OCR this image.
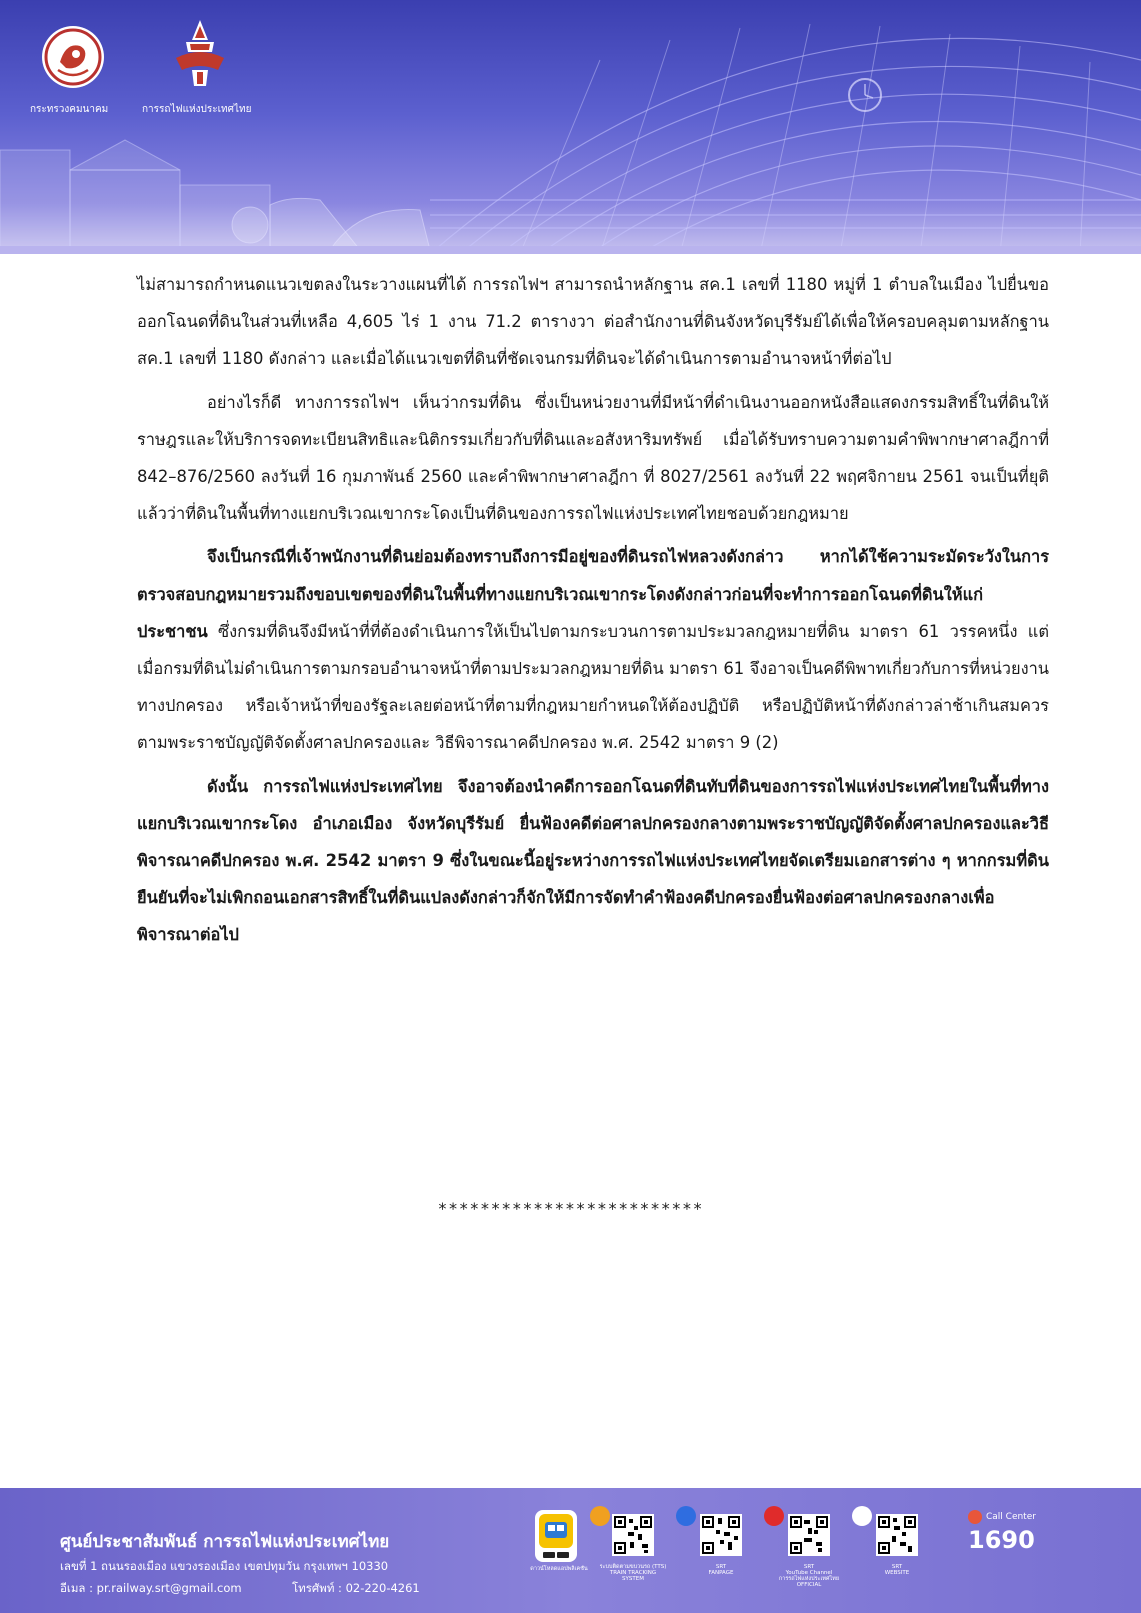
กระทรวงคมนาคม	การรถไฟแห่งประเทศไทย

ไม่สามารถกำหนดแนวเขตลงในระวางแผนที่ได้ การรถไฟฯ สามารถนำหลักฐาน สค.1 เลขที่ 1180 หมู่ที่ 1 ตำบลในเมือง ไปยื่นขอออกโฉนดที่ดินในส่วนที่เหลือ 4,605 ไร่ 1 งาน 71.2 ตารางวา ต่อสำนักงานที่ดินจังหวัดบุรีรัมย์ได้เพื่อให้ครอบคลุมตามหลักฐาน สค.1 เลขที่ 1180 ดังกล่าว และเมื่อได้แนวเขตที่ดินที่ชัดเจนกรมที่ดินจะได้ดำเนินการตามอำนาจหน้าที่ต่อไป

อย่างไรก็ดี ทางการรถไฟฯ เห็นว่ากรมที่ดิน ซึ่งเป็นหน่วยงานที่มีหน้าที่ดำเนินงานออกหนังสือแสดงกรรมสิทธิ์ในที่ดินให้ราษฎรและให้บริการจดทะเบียนสิทธิและนิติกรรมเกี่ยวกับที่ดินและอสังหาริมทรัพย์ เมื่อได้รับทราบความตามคำพิพากษาศาลฎีกาที่ 842–876/2560 ลงวันที่ 16 กุมภาพันธ์ 2560 และคำพิพากษาศาลฎีกา ที่ 8027/2561 ลงวันที่ 22 พฤศจิกายน 2561 จนเป็นที่ยุติแล้วว่าที่ดินในพื้นที่ทางแยกบริเวณเขากระโดงเป็นที่ดินของการรถไฟแห่งประเทศไทยชอบด้วยกฎหมาย

จึงเป็นกรณีที่เจ้าพนักงานที่ดินย่อมต้องทราบถึงการมีอยู่ของที่ดินรถไฟหลวงดังกล่าว หากได้ใช้ความระมัดระวังในการตรวจสอบกฎหมายรวมถึงขอบเขตของที่ดินในพื้นที่ทางแยกบริเวณเขากระโดงดังกล่าวก่อนที่จะทำการออกโฉนดที่ดินให้แก่ประชาชน ซึ่งกรมที่ดินจึงมีหน้าที่ที่ต้องดำเนินการให้เป็นไปตามกระบวนการตามประมวลกฎหมายที่ดิน มาตรา 61 วรรคหนึ่ง แต่เมื่อกรมที่ดินไม่ดำเนินการตามกรอบอำนาจหน้าที่ตามประมวลกฎหมายที่ดิน มาตรา 61 จึงอาจเป็นคดีพิพาทเกี่ยวกับการที่หน่วยงานทางปกครอง หรือเจ้าหน้าที่ของรัฐละเลยต่อหน้าที่ตามที่กฎหมายกำหนดให้ต้องปฏิบัติ หรือปฏิบัติหน้าที่ดังกล่าวล่าช้าเกินสมควรตามพระราชบัญญัติจัดตั้งศาลปกครองและ วิธีพิจารณาคดีปกครอง พ.ศ. 2542 มาตรา 9 (2)

ดังนั้น การรถไฟแห่งประเทศไทย จึงอาจต้องนำคดีการออกโฉนดที่ดินทับที่ดินของการรถไฟแห่งประเทศไทยในพื้นที่ทางแยกบริเวณเขากระโดง อำเภอเมือง จังหวัดบุรีรัมย์ ยื่นฟ้องคดีต่อศาลปกครองกลางตามพระราชบัญญัติจัดตั้งศาลปกครองและวิธีพิจารณาคดีปกครอง พ.ศ. 2542 มาตรา 9 ซึ่งในขณะนี้อยู่ระหว่างการรถไฟแห่งประเทศไทยจัดเตรียมเอกสารต่าง ๆ หากกรมที่ดินยืนยันที่จะไม่เพิกถอนเอกสารสิทธิ์ในที่ดินแปลงดังกล่าวก็จักให้มีการจัดทำคำฟ้องคดีปกครองยื่นฟ้องต่อศาลปกครองกลางเพื่อพิจารณาต่อไป

*************************
ศูนย์ประชาสัมพันธ์ การรถไฟแห่งประเทศไทย
เลขที่ 1 ถนนรองเมือง แขวงรองเมือง เขตปทุมวัน กรุงเทพฯ 10330
อีเมล : pr.railway.srt@gmail.com	โทรศัพท์ : 02-220-4261
ดาวน์โหลดแอปพลิเคชัน	ระบบติดตามขบวนรถ (TTS)
TRAIN TRACKING
SYSTEM
SRT
FANPAGE
SRT
YouTube Channel
การรถไฟแห่งประเทศไทย
OFFICIAL
SRT
WEBSITE
Call Center
1690
